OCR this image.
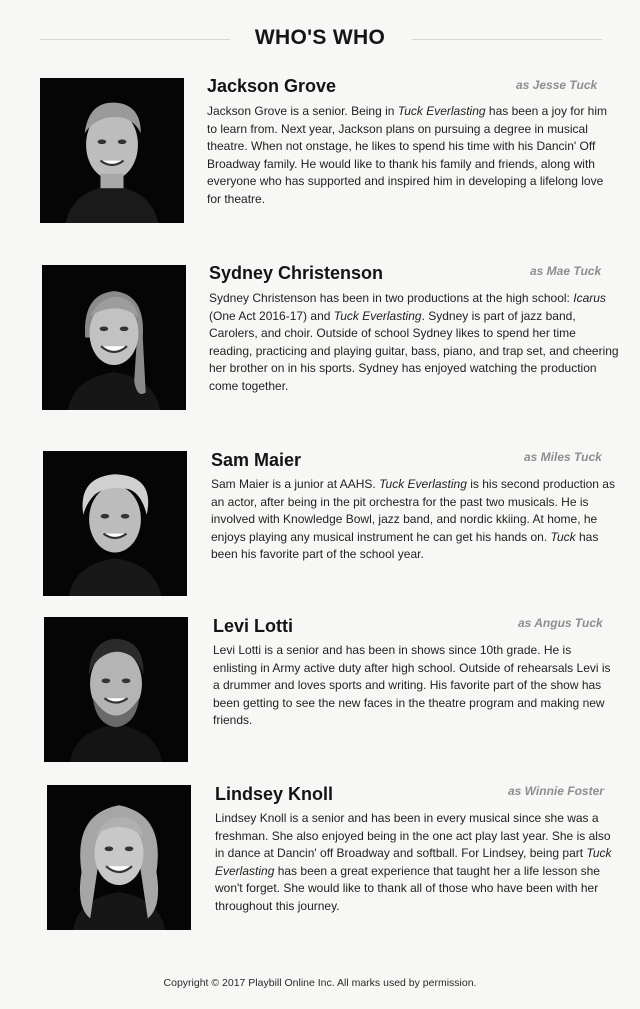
WHO'S WHO
Jackson Grove	as Jesse Tuck

Jackson Grove is a senior. Being in Tuck Everlasting has been a joy for him to learn from. Next year, Jackson plans on pursuing a degree in musical theatre. When not onstage, he likes to spend his time with his Dancin' Off Broadway family. He would like to thank his family and friends, along with everyone who has supported and inspired him in developing a lifelong love for theatre.

Sydney Christenson	as Mae Tuck

Sydney Christenson has been in two productions at the high school: Icarus (One Act 2016-17) and Tuck Everlasting. Sydney is part of jazz band, Carolers, and choir. Outside of school Sydney likes to spend her time reading, practicing and playing guitar, bass, piano, and trap set, and cheering her brother on in his sports. Sydney has enjoyed watching the production come together.

Sam Maier	as Miles Tuck

Sam Maier is a junior at AAHS. Tuck Everlasting is his second production as an actor, after being in the pit orchestra for the past two musicals. He is involved with Knowledge Bowl, jazz band, and nordic kkiing. At home, he enjoys playing any musical instrument he can get his hands on. Tuck has been his favorite part of the school year.

Levi Lotti	as Angus Tuck

Levi Lotti is a senior and has been in shows since 10th grade. He is enlisting in Army active duty after high school. Outside of rehearsals Levi is a drummer and loves sports and writing. His favorite part of the show has been getting to see the new faces in the theatre program and making new friends.

Lindsey Knoll	as Winnie Foster

Lindsey Knoll is a senior and has been in every musical since she was a freshman. She also enjoyed being in the one act play last year. She is also in dance at Dancin' off Broadway and softball. For Lindsey, being part Tuck Everlasting has been a great experience that taught her a life lesson she won't forget. She would like to thank all of those who have been with her throughout this journey.

Copyright © 2017 Playbill Online Inc. All marks used by permission.
